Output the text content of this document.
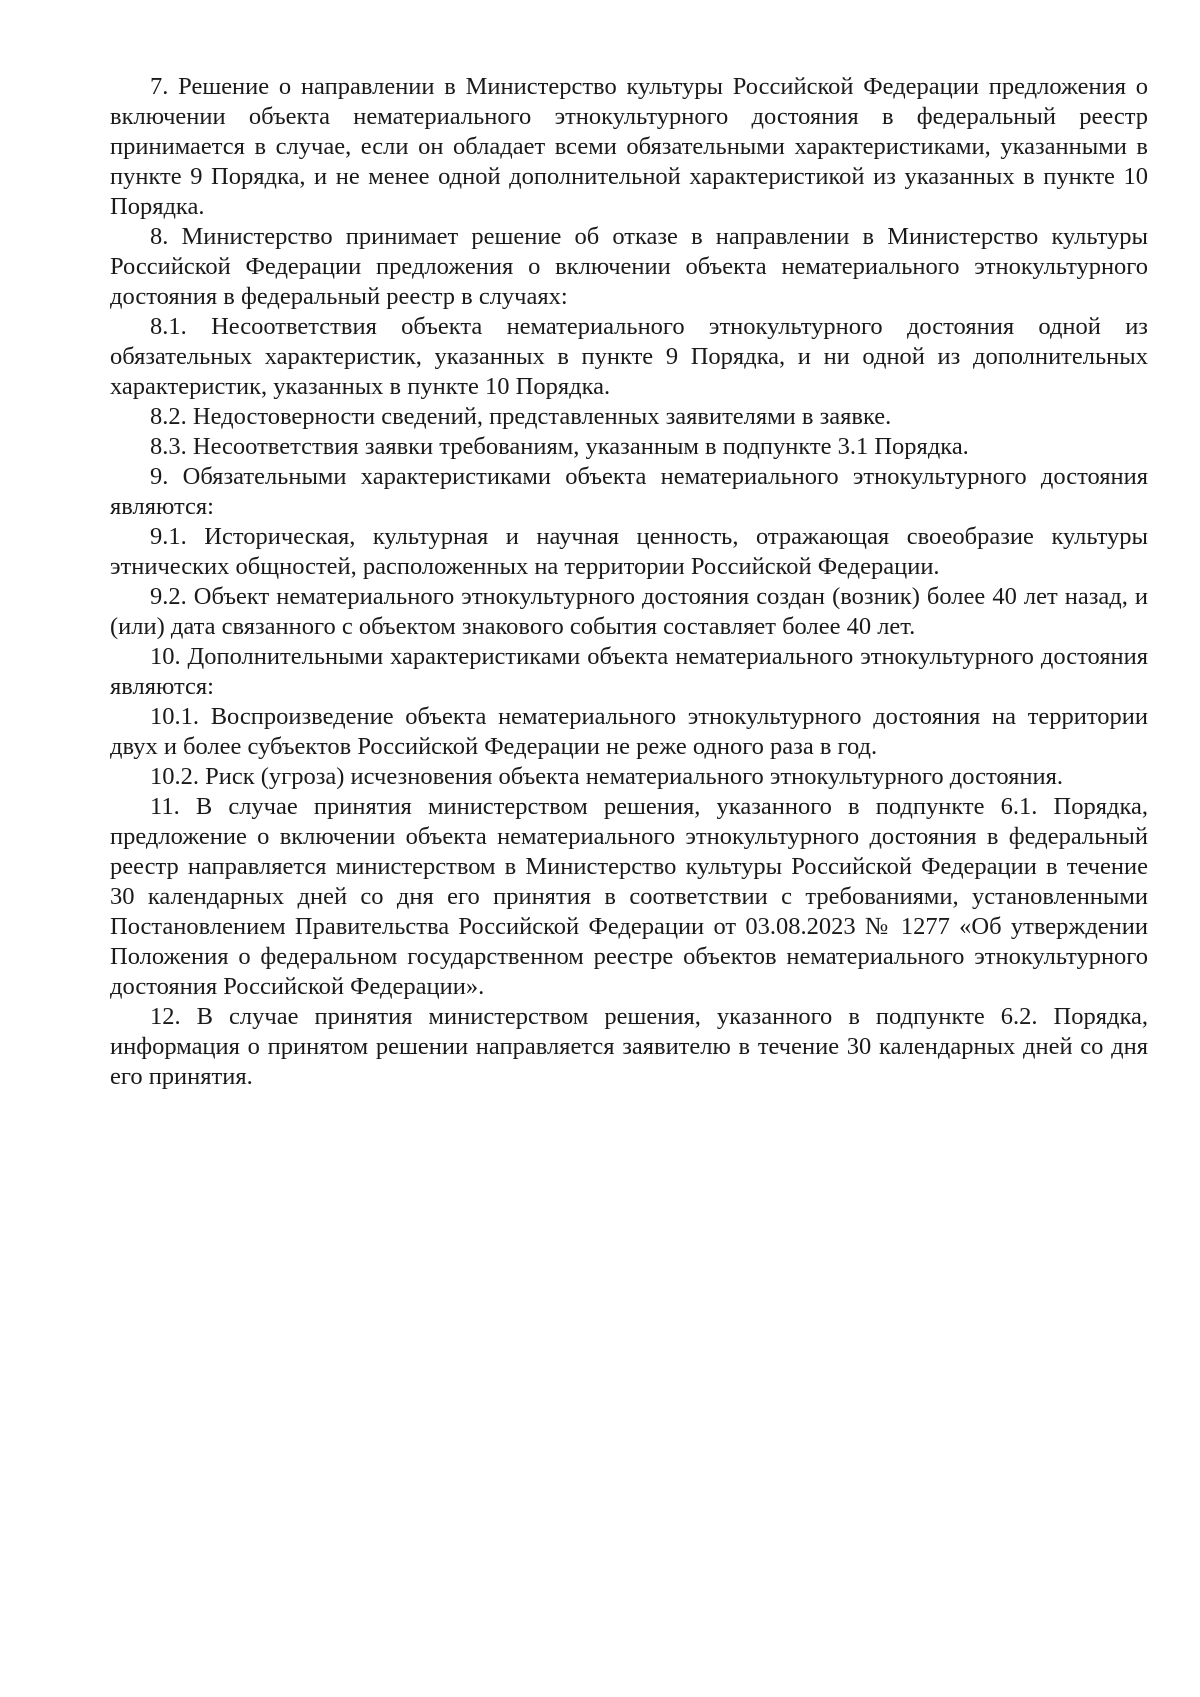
7. Решение о направлении в Министерство культуры Российской Федерации предложения о включении объекта нематериального этнокультурного достояния в федеральный реестр принимается в случае, если он обладает всеми обязательными характеристиками, указанными в пункте 9 Порядка, и не менее одной дополнительной характеристикой из указанных в пункте 10 Порядка.

8. Министерство принимает решение об отказе в направлении в Министерство культуры Российской Федерации предложения о включении объекта нематериального этнокультурного достояния в федеральный реестр в случаях:

8.1. Несоответствия объекта нематериального этнокультурного достояния одной из обязательных характеристик, указанных в пункте 9 Порядка, и ни одной из дополнительных характеристик, указанных в пункте 10 Порядка.

8.2. Недостоверности сведений, представленных заявителями в заявке.

8.3. Несоответствия заявки требованиям, указанным в подпункте 3.1 Порядка.

9. Обязательными характеристиками объекта нематериального этнокультурного достояния являются:

9.1. Историческая, культурная и научная ценность, отражающая своеобразие культуры этнических общностей, расположенных на территории Российской Федерации.

9.2. Объект нематериального этнокультурного достояния создан (возник) более 40 лет назад, и (или) дата связанного с объектом знакового события составляет более 40 лет.

10. Дополнительными характеристиками объекта нематериального этнокультурного достояния являются:

10.1. Воспроизведение объекта нематериального этнокультурного достояния на территории двух и более субъектов Российской Федерации не реже одного раза в год.

10.2. Риск (угроза) исчезновения объекта нематериального этнокультурного достояния.

11. В случае принятия министерством решения, указанного в подпункте 6.1. Порядка, предложение о включении объекта нематериального этнокультурного достояния в федеральный реестр направляется министерством в Министерство культуры Российской Федерации в течение 30 календарных дней со дня его принятия в соответствии с требованиями, установленными Постановлением Правительства Российской Федерации от 03.08.2023 № 1277 «Об утверждении Положения о федеральном государственном реестре объектов нематериального этнокультурного достояния Российской Федерации».

12. В случае принятия министерством решения, указанного в подпункте 6.2. Порядка, информация о принятом решении направляется заявителю в течение 30 календарных дней со дня его принятия.
